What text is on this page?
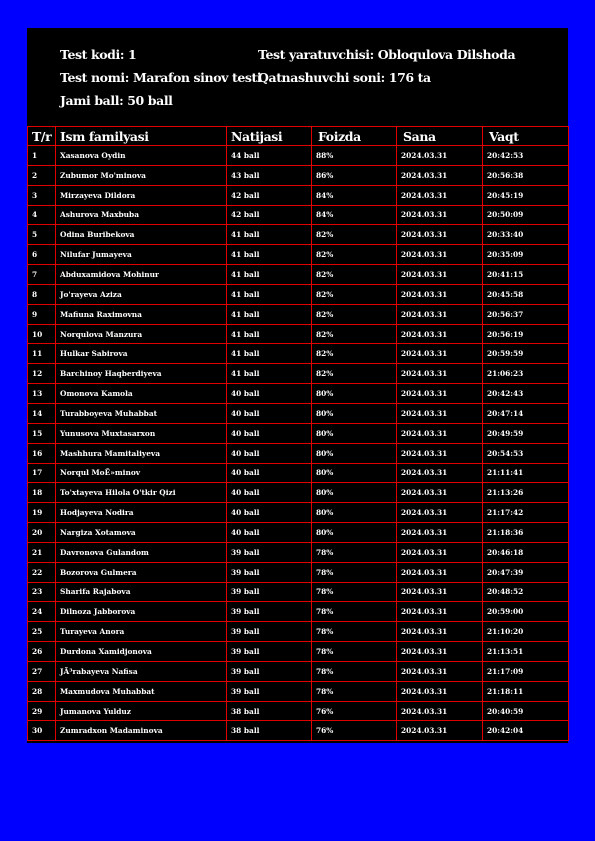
Test kodi: 1	Test yaratuvchisi: Obloqulova Dilshoda
Test nomi: Marafon sinov testi
Qatnashuvchi soni: 176 ta
Jami ball: 50 ball
T/r	Ism familyasi	Natijasi	Foizda	Sana	Vaqt
1	Xasanova Oydin	44 ball	88%	2024.03.31	20:42:53
2	Zubumor Mo'minova	43 ball	86%	2024.03.31	20:56:38
3	Mirzayeva Dildora	42 ball	84%	2024.03.31	20:45:19
4	Ashurova Maxbuba	42 ball	84%	2024.03.31	20:50:09
5	Odina Buribekova	41 ball	82%	2024.03.31	20:33:40
6	Nilufar Jumayeva	41 ball	82%	2024.03.31	20:35:09
7	Abduxamidova Mohinur	41 ball	82%	2024.03.31	20:41:15
8	Jo'rayeva Aziza	41 ball	82%	2024.03.31	20:45:58
9	Mafiuna Raximovna	41 ball	82%	2024.03.31	20:56:37
10	Norqulova Manzura	41 ball	82%	2024.03.31	20:56:19
11	Hulkar Sabirova	41 ball	82%	2024.03.31	20:59:59
12	Barchinoy Haqberdiyeva	41 ball	82%	2024.03.31	21:06:23
13	Omonova Kamola	40 ball	80%	2024.03.31	20:42:43
14	Turabboyeva Muhabbat	40 ball	80%	2024.03.31	20:47:14
15	Yunusova Muxtasarxon	40 ball	80%	2024.03.31	20:49:59
16	Mashhura Mamitaliyeva	40 ball	80%	2024.03.31	20:54:53
17	Norqul MoÊ»minov	40 ball	80%	2024.03.31	21:11:41
18	To'xtayeva Hilola O'tkir Qizi	40 ball	80%	2024.03.31	21:13:26
19	Hodjayeva Nodira	40 ball	80%	2024.03.31	21:17:42
20	Nargiza Xotamova	40 ball	80%	2024.03.31	21:18:36
21	Davronova Gulandom	39 ball	78%	2024.03.31	20:46:18
22	Bozorova Gulmera	39 ball	78%	2024.03.31	20:47:39
23	Sharifa Rajabova	39 ball	78%	2024.03.31	20:48:52
24	Dilnoza Jabborova	39 ball	78%	2024.03.31	20:59:00
25	Turayeva Anora	39 ball	78%	2024.03.31	21:10:20
26	Durdona Xamidjonova	39 ball	78%	2024.03.31	21:13:51
27	JÃ³rabayeva Nafisa	39 ball	78%	2024.03.31	21:17:09
28	Maxmudova Muhabbat	39 ball	78%	2024.03.31	21:18:11
29	Jumanova Yulduz	38 ball	76%	2024.03.31	20:40:59
30	Zumradxon Madaminova	38 ball	76%	2024.03.31	20:42:04
